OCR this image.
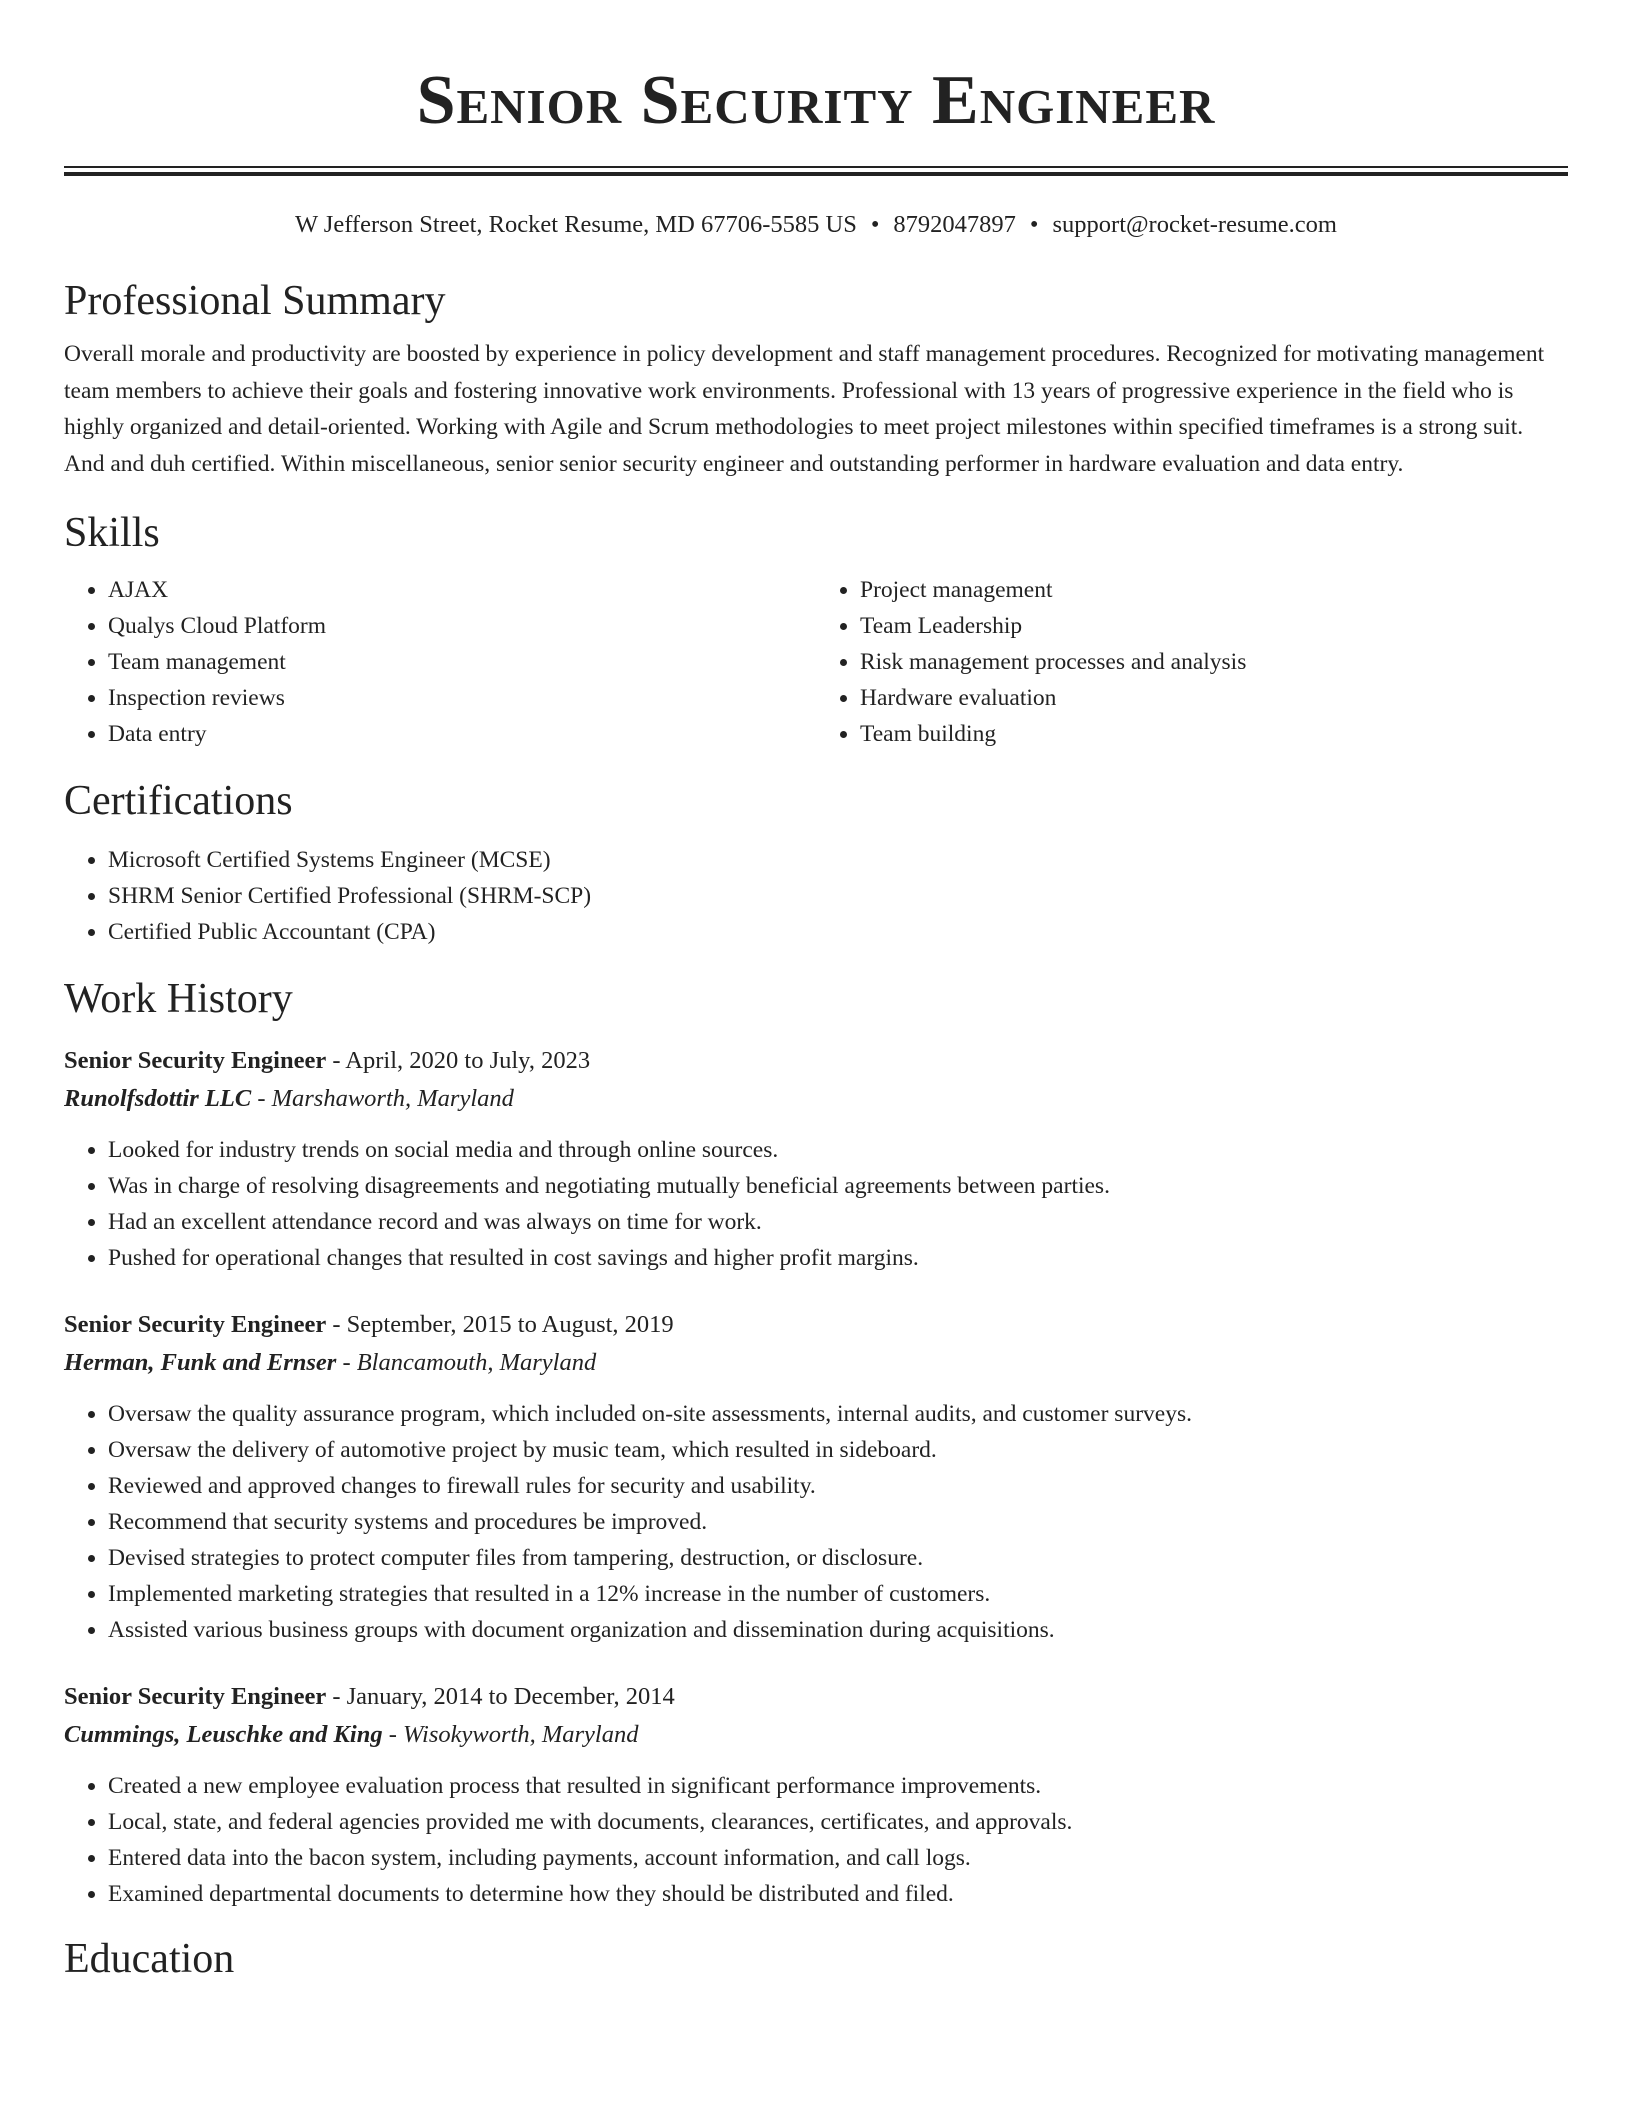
Senior Security Engineer
W Jefferson Street, Rocket Resume, MD 67706-5585 US • 8792047897 • support@rocket-resume.com
Professional Summary
Overall morale and productivity are boosted by experience in policy development and staff management procedures. Recognized for motivating management team members to achieve their goals and fostering innovative work environments. Professional with 13 years of progressive experience in the field who is highly organized and detail-oriented. Working with Agile and Scrum methodologies to meet project milestones within specified timeframes is a strong suit. And and duh certified. Within miscellaneous, senior senior security engineer and outstanding performer in hardware evaluation and data entry.
Skills
• AJAX
• Qualys Cloud Platform
• Team management
• Inspection reviews
• Data entry
• Project management
• Team Leadership
• Risk management processes and analysis
• Hardware evaluation
• Team building
Certifications
• Microsoft Certified Systems Engineer (MCSE)
• SHRM Senior Certified Professional (SHRM-SCP)
• Certified Public Accountant (CPA)
Work History
Senior Security Engineer - April, 2020 to July, 2023
Runolfsdottir LLC - Marshaworth, Maryland
• Looked for industry trends on social media and through online sources.
• Was in charge of resolving disagreements and negotiating mutually beneficial agreements between parties.
• Had an excellent attendance record and was always on time for work.
• Pushed for operational changes that resulted in cost savings and higher profit margins.
Senior Security Engineer - September, 2015 to August, 2019
Herman, Funk and Ernser - Blancamouth, Maryland
• Oversaw the quality assurance program, which included on-site assessments, internal audits, and customer surveys.
• Oversaw the delivery of automotive project by music team, which resulted in sideboard.
• Reviewed and approved changes to firewall rules for security and usability.
• Recommend that security systems and procedures be improved.
• Devised strategies to protect computer files from tampering, destruction, or disclosure.
• Implemented marketing strategies that resulted in a 12% increase in the number of customers.
• Assisted various business groups with document organization and dissemination during acquisitions.
Senior Security Engineer - January, 2014 to December, 2014
Cummings, Leuschke and King - Wisokyworth, Maryland
• Created a new employee evaluation process that resulted in significant performance improvements.
• Local, state, and federal agencies provided me with documents, clearances, certificates, and approvals.
• Entered data into the bacon system, including payments, account information, and call logs.
• Examined departmental documents to determine how they should be distributed and filed.
Education
